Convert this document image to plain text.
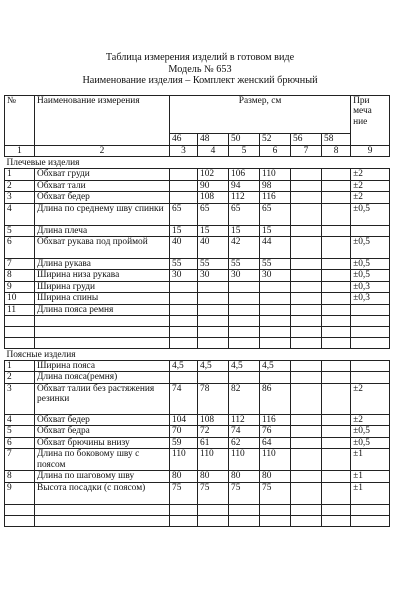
Таблица измерения изделий в готовом виде
Модель № 653
Наименование изделия – Комплект женский брючный
№	Наименование измерения	Размер, см						При меча ние
		46	48	50	52	56	58	
1	2	3	4	5	6	7	8	9
Плечевые изделия								
1	Обхват груди		102	106	110			±2
2	Обхват тали		90	94	98			±2
3	Обхват бедер		108	112	116			±2
4	Длина по среднему шву спинки	65	65	65	65			±0,5
5	Длина плеча	15	15	15	15			
6	Обхват рукава под проймой	40	40	42	44			±0,5
7	Длина рукава	55	55	55	55			±0,5
8	Ширина низа рукава	30	30	30	30			±0,5
9	Ширина груди							±0,3
10	Ширина спины							±0,3
11	Длина пояса ремня							

Поясные изделия								
1	Ширина пояса	4,5	4,5	4,5	4,5			
2	Длина пояса(ремня)							
3	Обхват талии без растяжения резинки	74	78	82	86			±2
4	Обхват бедер	104	108	112	116			±2
5	Обхват бедра	70	72	74	76			±0,5
6	Обхват брючины внизу	59	61	62	64			±0,5
7	Длина по боковому шву с поясом	110	110	110	110			±1
8	Длина по шаговому шву	80	80	80	80			±1
9	Высота посадки (с поясом)	75	75	75	75			±1
